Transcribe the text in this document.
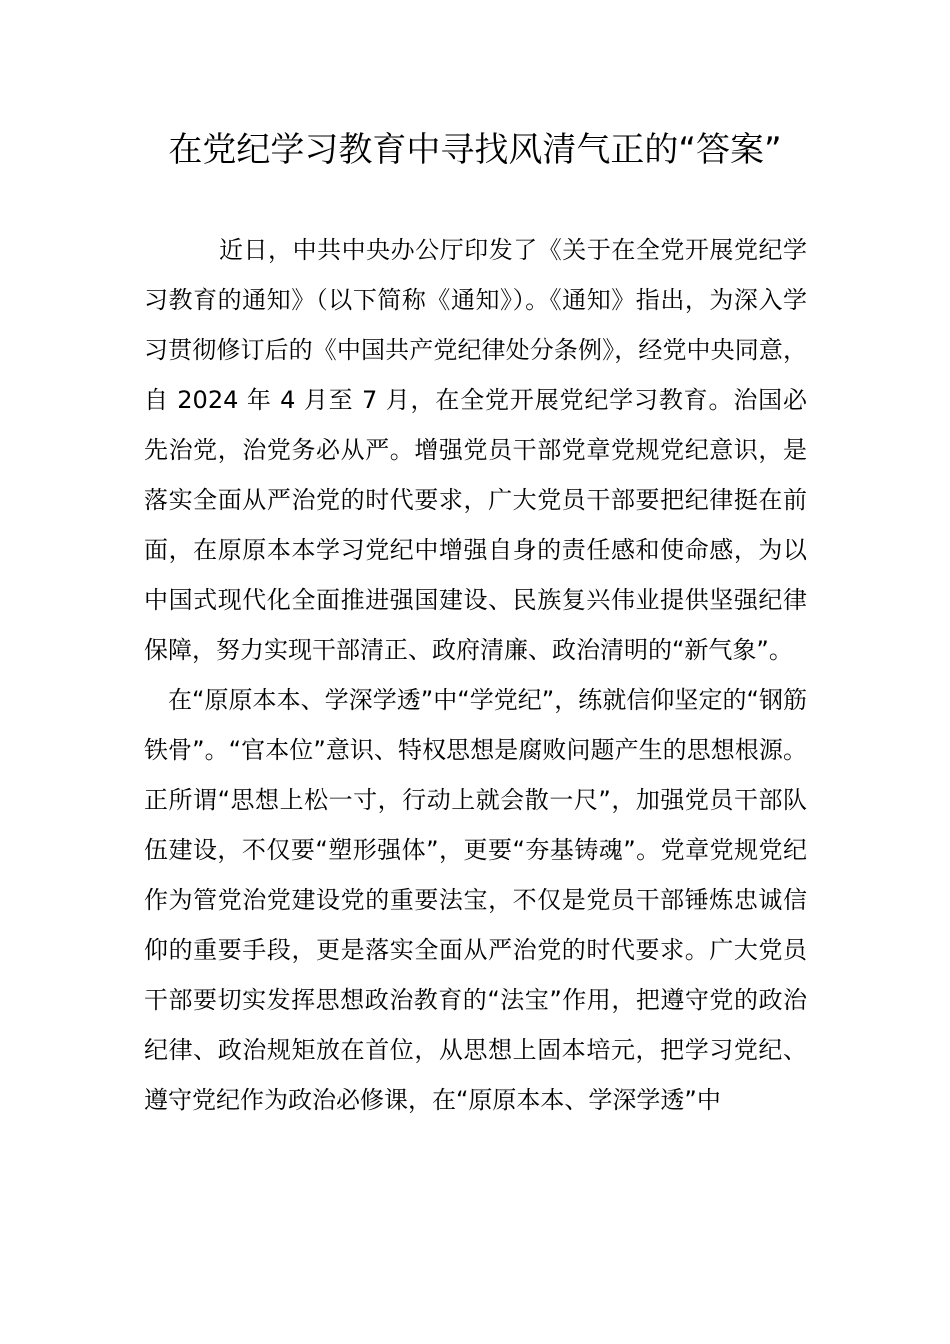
在党纪学习教育中寻找风清气正的“答案”

近日，中共中央办公厅印发了《关于在全党开展党纪学习教育的通知》（以下简称《通知》）。《通知》指出，为深入学习贯彻修订后的《中国共产党纪律处分条例》，经党中央同意，自 2024 年 4 月至 7 月，在全党开展党纪学习教育。治国必先治党，治党务必从严。增强党员干部党章党规党纪意识，是落实全面从严治党的时代要求，广大党员干部要把纪律挺在前面，在原原本本学习党纪中增强自身的责任感和使命感，为以中国式现代化全面推进强国建设、民族复兴伟业提供坚强纪律保障，努力实现干部清正、政府清廉、政治清明的“新气象”。

在“原原本本、学深学透”中“学党纪”，练就信仰坚定的“钢筋铁骨”。“官本位”意识、特权思想是腐败问题产生的思想根源。正所谓“思想上松一寸，行动上就会散一尺”，加强党员干部队伍建设，不仅要“塑形强体”，更要“夯基铸魂”。党章党规党纪作为管党治党建设党的重要法宝，不仅是党员干部锤炼忠诚信仰的重要手段，更是落实全面从严治党的时代要求。广大党员干部要切实发挥思想政治教育的“法宝”作用，把遵守党的政治纪律、政治规矩放在首位，从思想上固本培元，把学习党纪、遵守党纪作为政治必修课，在“原原本本、学深学透”中
